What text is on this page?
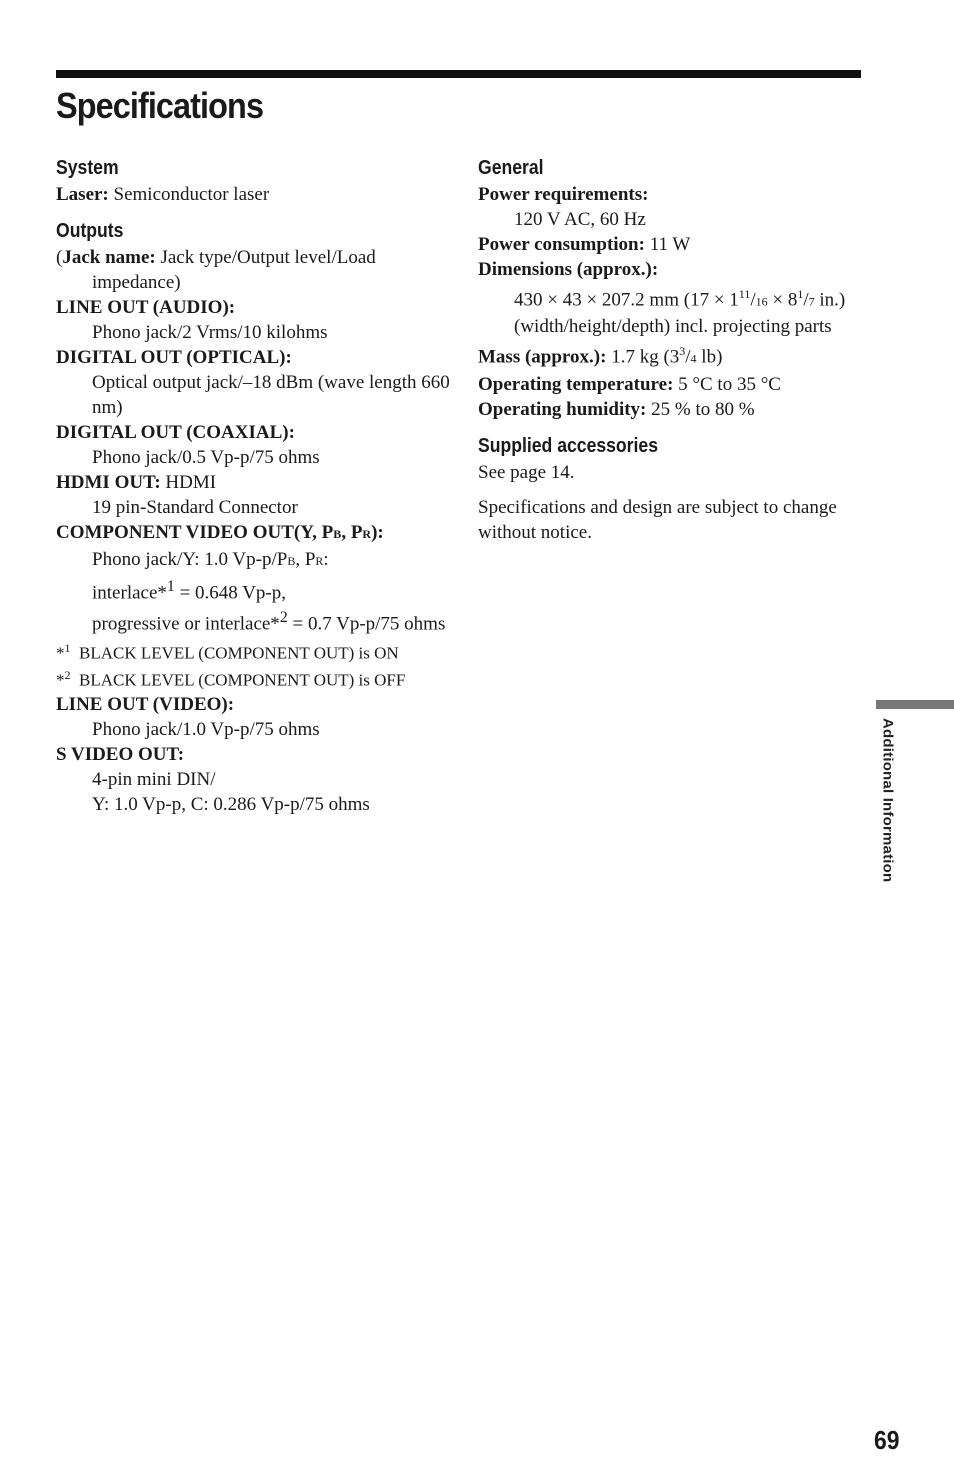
Specifications
System

Laser: Semiconductor laser

Outputs

(Jack name: Jack type/Output level/Load impedance)

LINE OUT (AUDIO):

Phono jack/2 Vrms/10 kilohms

DIGITAL OUT (OPTICAL):

Optical output jack/–18 dBm (wave length 660 nm)

DIGITAL OUT (COAXIAL):

Phono jack/0.5 Vp-p/75 ohms

HDMI OUT: HDMI

19 pin-Standard Connector

COMPONENT VIDEO OUT(Y, PB, PR):

Phono jack/Y: 1.0 Vp-p/PB, PR:

interlace*$^1$ = 0.648 Vp-p,

progressive or interlace*$^2$ = 0.7 Vp-p/75 ohms

*$^1$ BLACK LEVEL (COMPONENT OUT) is ON

*$^2$ BLACK LEVEL (COMPONENT OUT) is OFF

LINE OUT (VIDEO):

Phono jack/1.0 Vp-p/75 ohms

S VIDEO OUT:

4-pin mini DIN/

Y: 1.0 Vp-p, C: 0.286 Vp-p/75 ohms

General

Power requirements:

120 V AC, 60 Hz

Power consumption: 11 W

Dimensions (approx.):

430 × 43 × 207.2 mm ($17 \times 1^{11}/16 \times 8^1/7$ in.) (width/height/depth) incl. projecting parts

Mass (approx.): 1.7 kg ($3^3/4$ lb)

Operating temperature: 5 °C to 35 °C

Operating humidity: 25 % to 80 %

Supplied accessories

See page 14.

Specifications and design are subject to change without notice.

Additional Information
69
